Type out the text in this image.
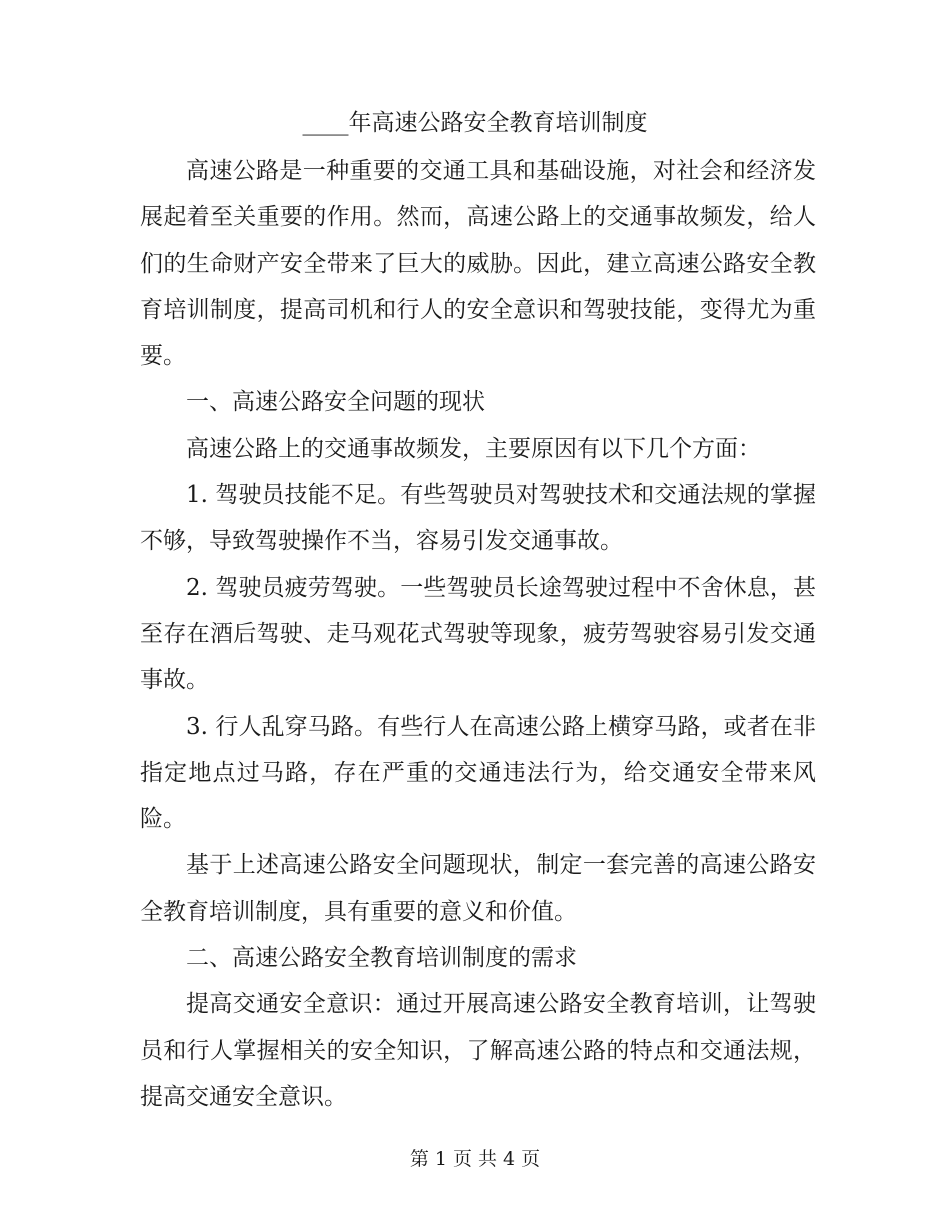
____年高速公路安全教育培训制度

高速公路是一种重要的交通工具和基础设施，对社会和经济发展起着至关重要的作用。然而，高速公路上的交通事故频发，给人们的生命财产安全带来了巨大的威胁。因此，建立高速公路安全教育培训制度，提高司机和行人的安全意识和驾驶技能，变得尤为重要。

一、高速公路安全问题的现状

高速公路上的交通事故频发，主要原因有以下几个方面：

1. 驾驶员技能不足。有些驾驶员对驾驶技术和交通法规的掌握不够，导致驾驶操作不当，容易引发交通事故。

2. 驾驶员疲劳驾驶。一些驾驶员长途驾驶过程中不舍休息，甚至存在酒后驾驶、走马观花式驾驶等现象，疲劳驾驶容易引发交通事故。

3. 行人乱穿马路。有些行人在高速公路上横穿马路，或者在非指定地点过马路，存在严重的交通违法行为，给交通安全带来风险。

基于上述高速公路安全问题现状，制定一套完善的高速公路安全教育培训制度，具有重要的意义和价值。

二、高速公路安全教育培训制度的需求

提高交通安全意识：通过开展高速公路安全教育培训，让驾驶员和行人掌握相关的安全知识，了解高速公路的特点和交通法规，提高交通安全意识。

第 1 页 共 4 页
